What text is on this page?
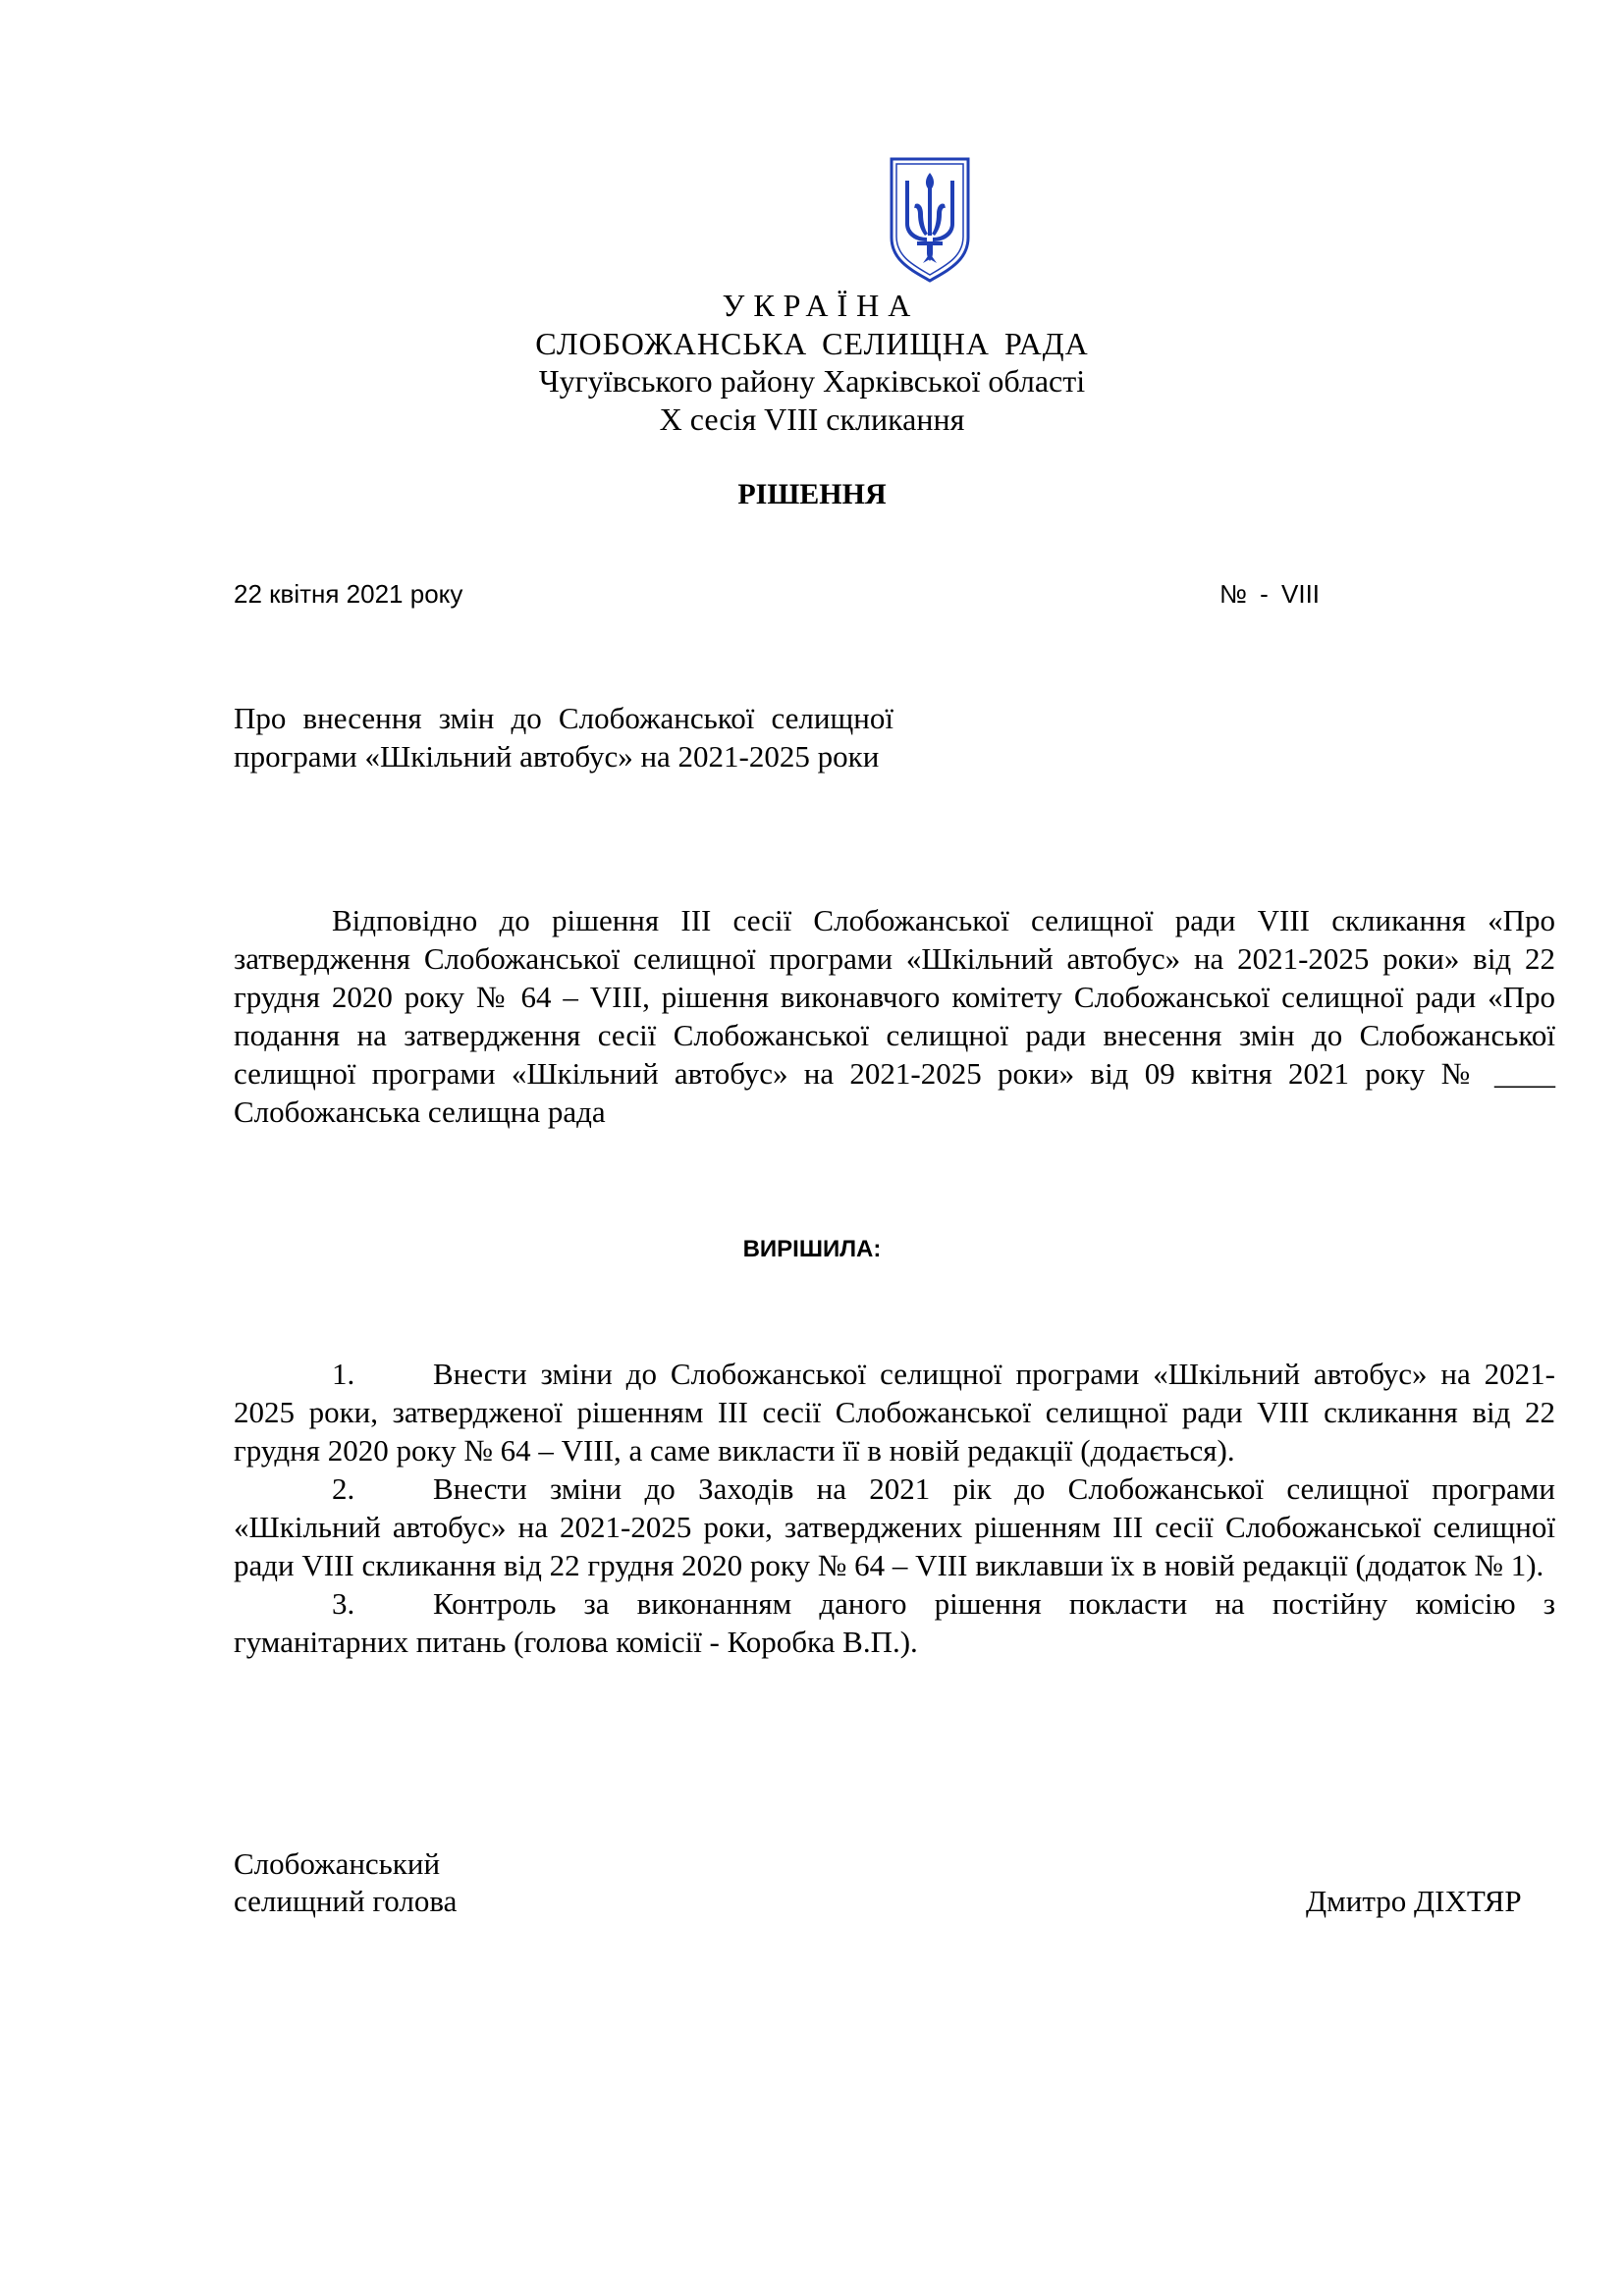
УКРАЇНА
СЛОБОЖАНСЬКА СЕЛИЩНА РАДА
Чугуївського району Харківської області
X сесія VIII скликання
РІШЕННЯ
22 квітня 2021 року	№ - VIII
Про внесення змін до Слобожанської селищної програми «Шкільний автобус» на 2021-2025 роки
Відповідно до рішення ІІІ сесії Слобожанської селищної ради VIII скликання «Про затвердження Слобожанської селищної програми «Шкільний автобус» на 2021-2025 роки» від 22 грудня 2020 року № 64 – VIII, рішення виконавчого комітету Слобожанської селищної ради «Про подання на затвердження сесії Слобожанської селищної ради внесення змін до Слобожанської селищної програми «Шкільний автобус» на 2021-2025 роки» від 09 квітня 2021 року № ____ Слобожанська селищна рада
ВИРІШИЛА:

1.	Внести зміни до Слобожанської селищної програми «Шкільний автобус» на 2021-2025 роки, затвердженої рішенням ІІІ сесії Слобожанської селищної ради VIII скликання від 22 грудня 2020 року № 64 – VIII, а саме викласти її в новій редакції (додається).

2.	Внести зміни до Заходів на 2021 рік до Слобожанської селищної програми «Шкільний автобус» на 2021-2025 роки, затверджених рішенням ІІІ сесії Слобожанської селищної ради VIII скликання від 22 грудня 2020 року № 64 – VIII виклавши їх в новій редакції (додаток № 1).

3.	Контроль за виконанням даного рішення покласти на постійну комісію з гуманітарних питань (голова комісії - Коробка В.П.).

Слобожанський
селищний голова	Дмитро ДІХТЯР
